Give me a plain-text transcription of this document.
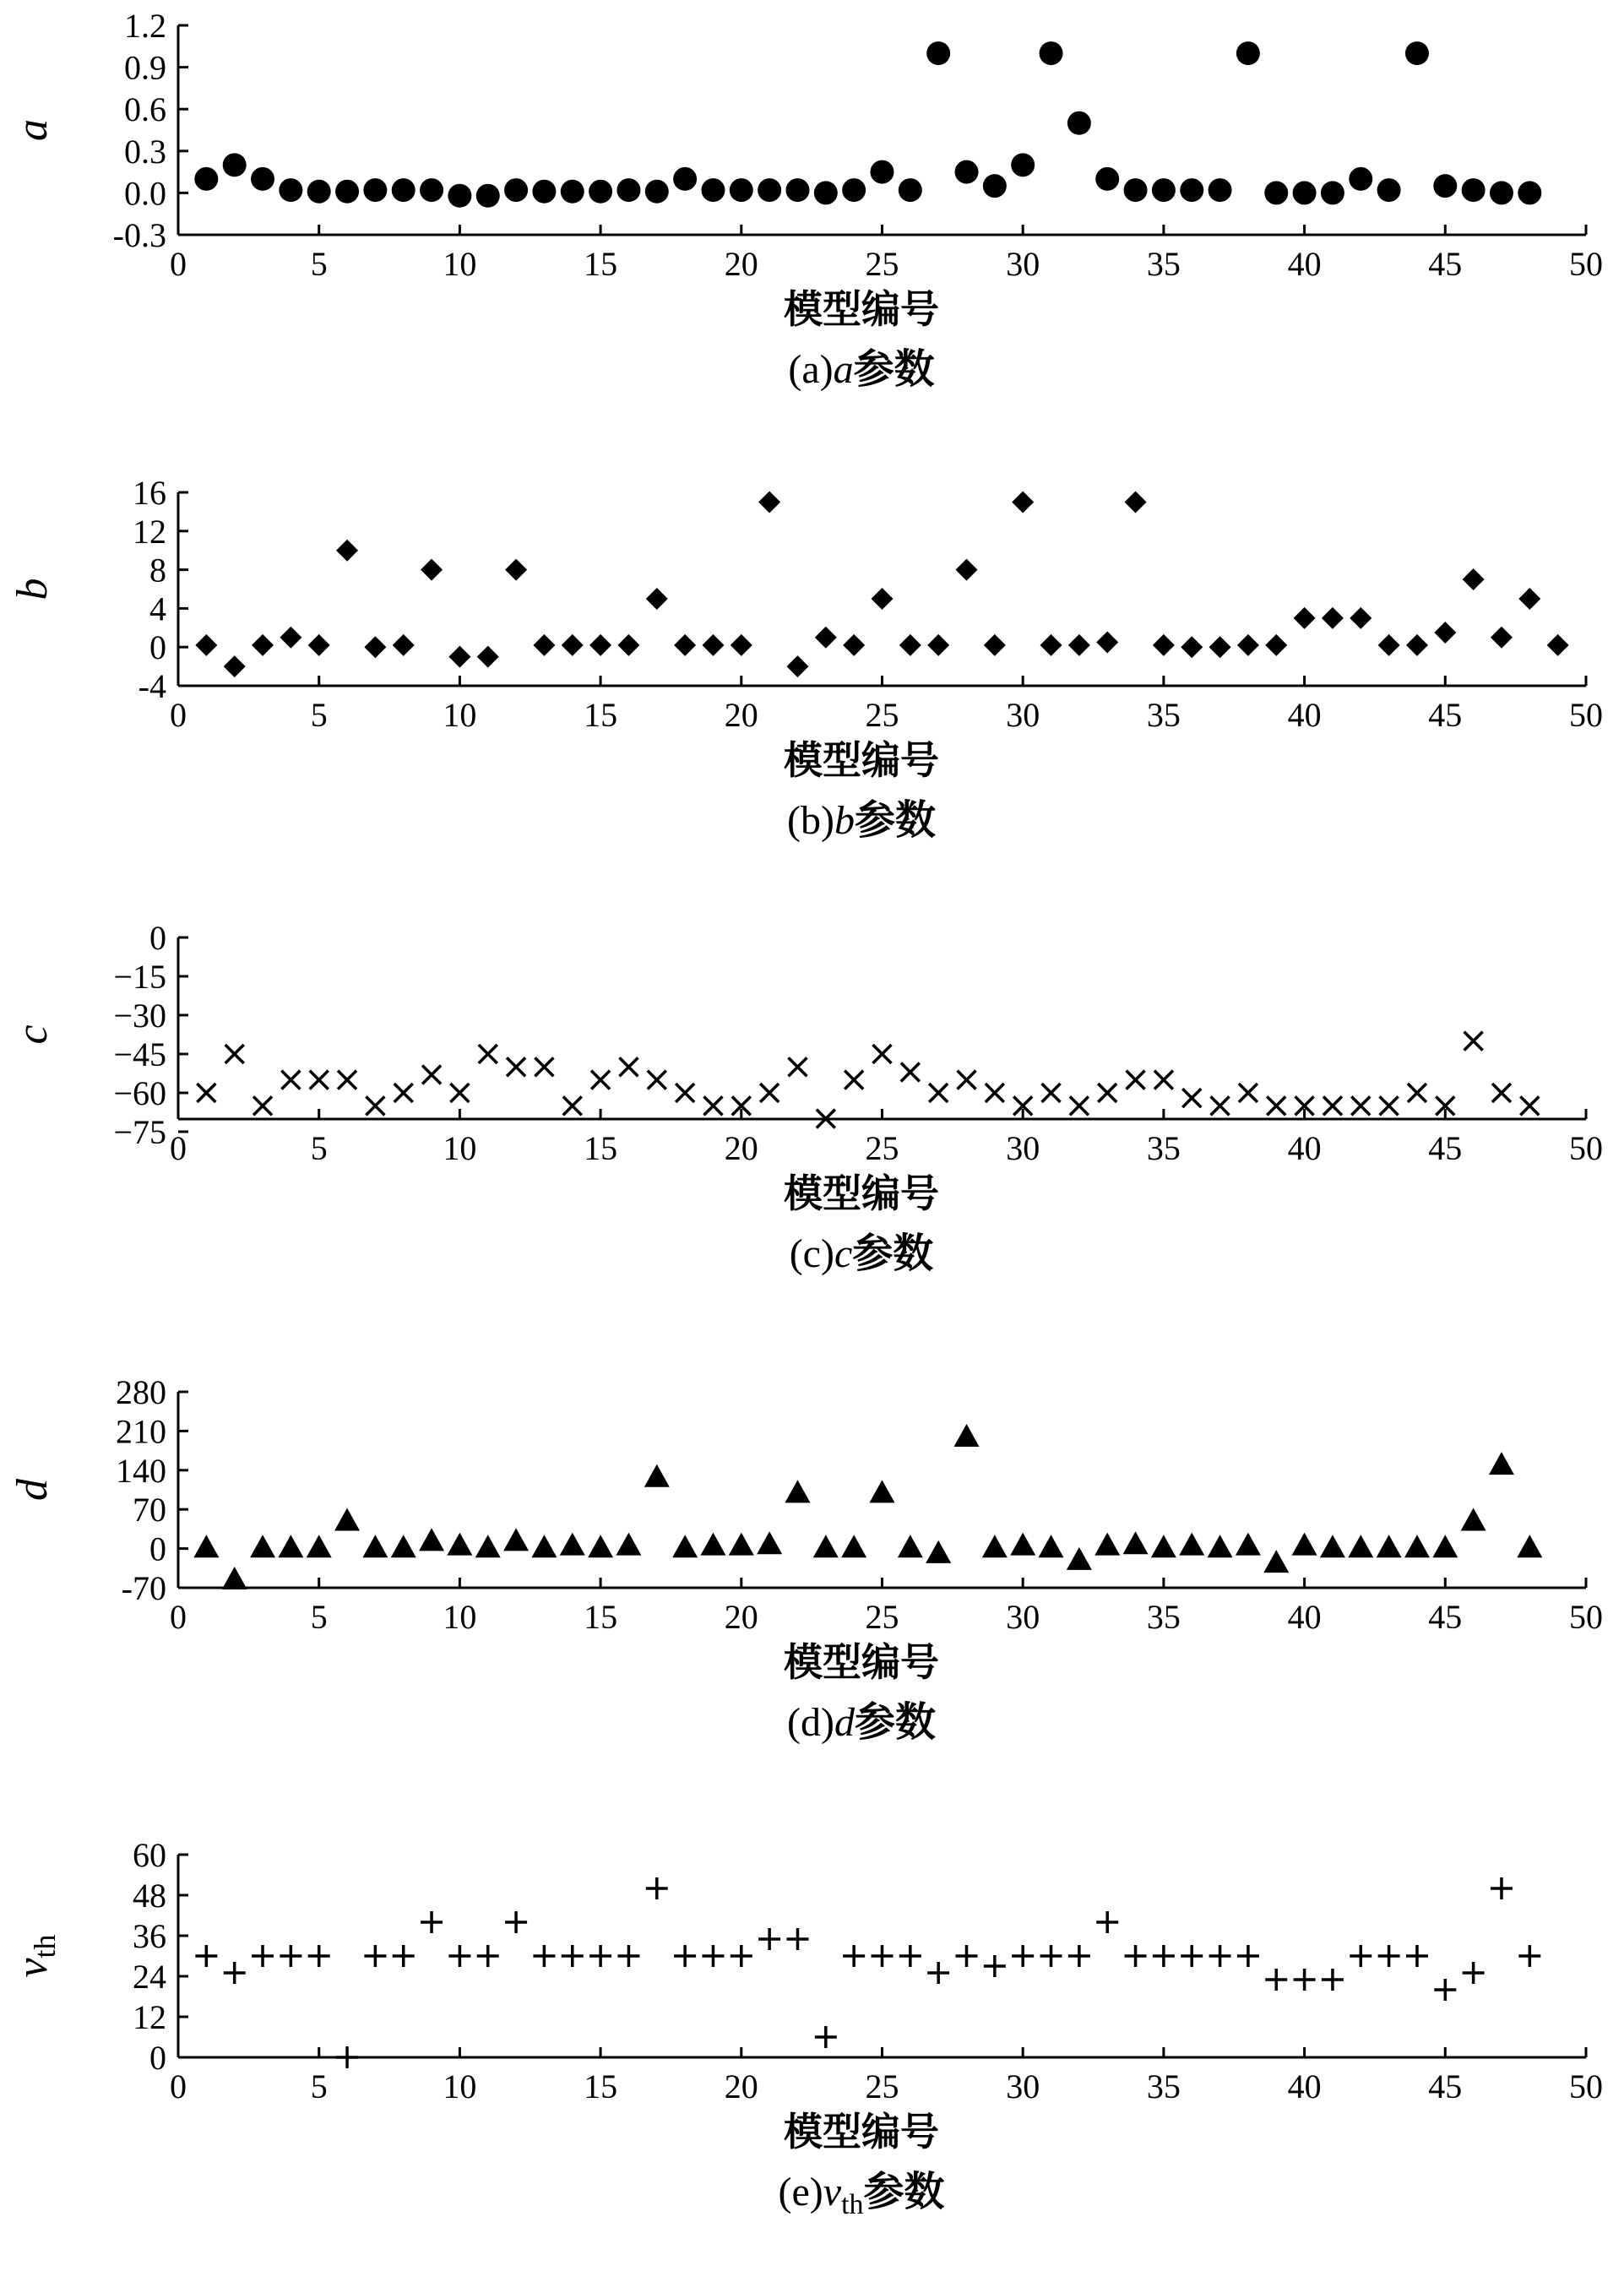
0	5	10	15	20	25	30	35	40	45	50
-0.3
0.0
0.3
0.6
0.9
1.2
a
模型编号
(a)a参数
0	5	10	15	20	25	30	35	40	45	50
-4
0
4
8
12
16
b
模型编号
(b)b参数
0	5	10	15	20	25	30	35	40	45	50
−75
−60
−45
−30
−15
0
c
模型编号
(c)c参数
0	5	10	15	20	25	30	35	40	45	50
-70
0
70
140
210
280
d
模型编号
(d)d参数
0	5	10	15	20	25	30	35	40	45	50
0
12
24
36
48
60
vth
模型编号
$(e)v_{th}$参数
